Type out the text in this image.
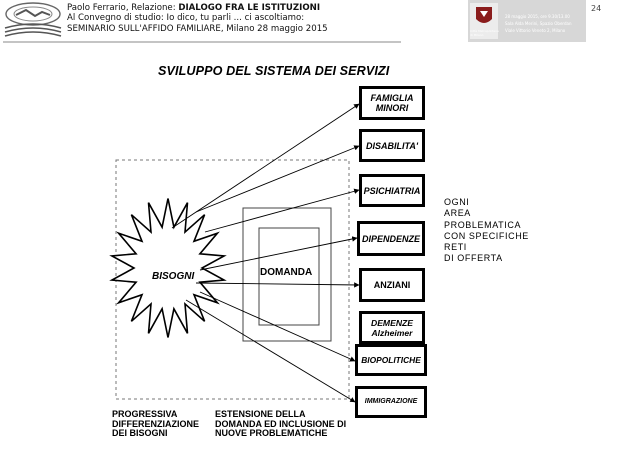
Paolo Ferrario, Relazione: DIALOGO FRA LE ISTITUZIONI
Al Convegno di studio: Io dico, tu parli ... ci ascoltiamo:
SEMINARIO SULL'AFFIDO FAMILIARE, Milano 28 maggio 2015
28 maggio 2015, ore 9.30/13.00
Sala Alda Merini, Spazio Oberdan
Viale Vittorio Veneto 2, Milano
Città Metropolitana di Milano
24
SVILUPPO DEL SISTEMA DEI SERVIZI
BISOGNI	DOMANDA
FAMIGLIA MINORI
DISABILITA'
PSICHIATRIA
DIPENDENZE
ANZIANI
DEMENZE Alzheimer
BIOPOLITICHE
IMMIGRAZIONE
OGNI
AREA
PROBLEMATICA
CON SPECIFICHE
RETI
DI OFFERTA
PROGRESSIVA
DIFFERENZIAZIONE
DEI BISOGNI
ESTENSIONE DELLA
DOMANDA ED INCLUSIONE DI
NUOVE PROBLEMATICHE
